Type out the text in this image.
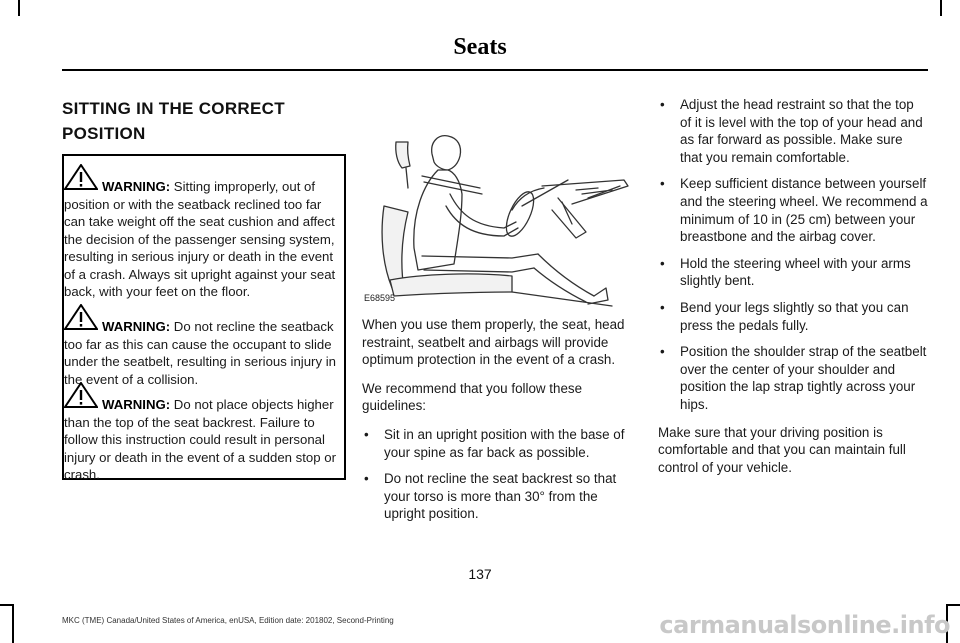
Seats
SITTING IN THE CORRECT
POSITION
WARNING: Sitting improperly, out of position or with the seatback reclined too far can take weight off the seat cushion and affect the decision of the passenger sensing system, resulting in serious injury or death in the event of a crash. Always sit upright against your seat back, with your feet on the floor.
WARNING: Do not recline the seatback too far as this can cause the occupant to slide under the seatbelt, resulting in serious injury in the event of a collision.
WARNING: Do not place objects higher than the top of the seat backrest. Failure to follow this instruction could result in personal injury or death in the event of a sudden stop or crash.
E68595

When you use them properly, the seat, head restraint, seatbelt and airbags will provide optimum protection in the event of a crash.

We recommend that you follow these guidelines:

• Sit in an upright position with the base of your spine as far back as possible.
• Do not recline the seat backrest so that your torso is more than 30° from the upright position.
• Adjust the head restraint so that the top of it is level with the top of your head and as far forward as possible. Make sure that you remain comfortable.
• Keep sufficient distance between yourself and the steering wheel. We recommend a minimum of 10 in (25 cm) between your breastbone and the airbag cover.
• Hold the steering wheel with your arms slightly bent.
• Bend your legs slightly so that you can press the pedals fully.
• Position the shoulder strap of the seatbelt over the center of your shoulder and position the lap strap tightly across your hips.

Make sure that your driving position is comfortable and that you can maintain full control of your vehicle.

137
MKC (TME) Canada/United States of America, enUSA, Edition date: 201802, Second-Printing	carmanualsonline.info
